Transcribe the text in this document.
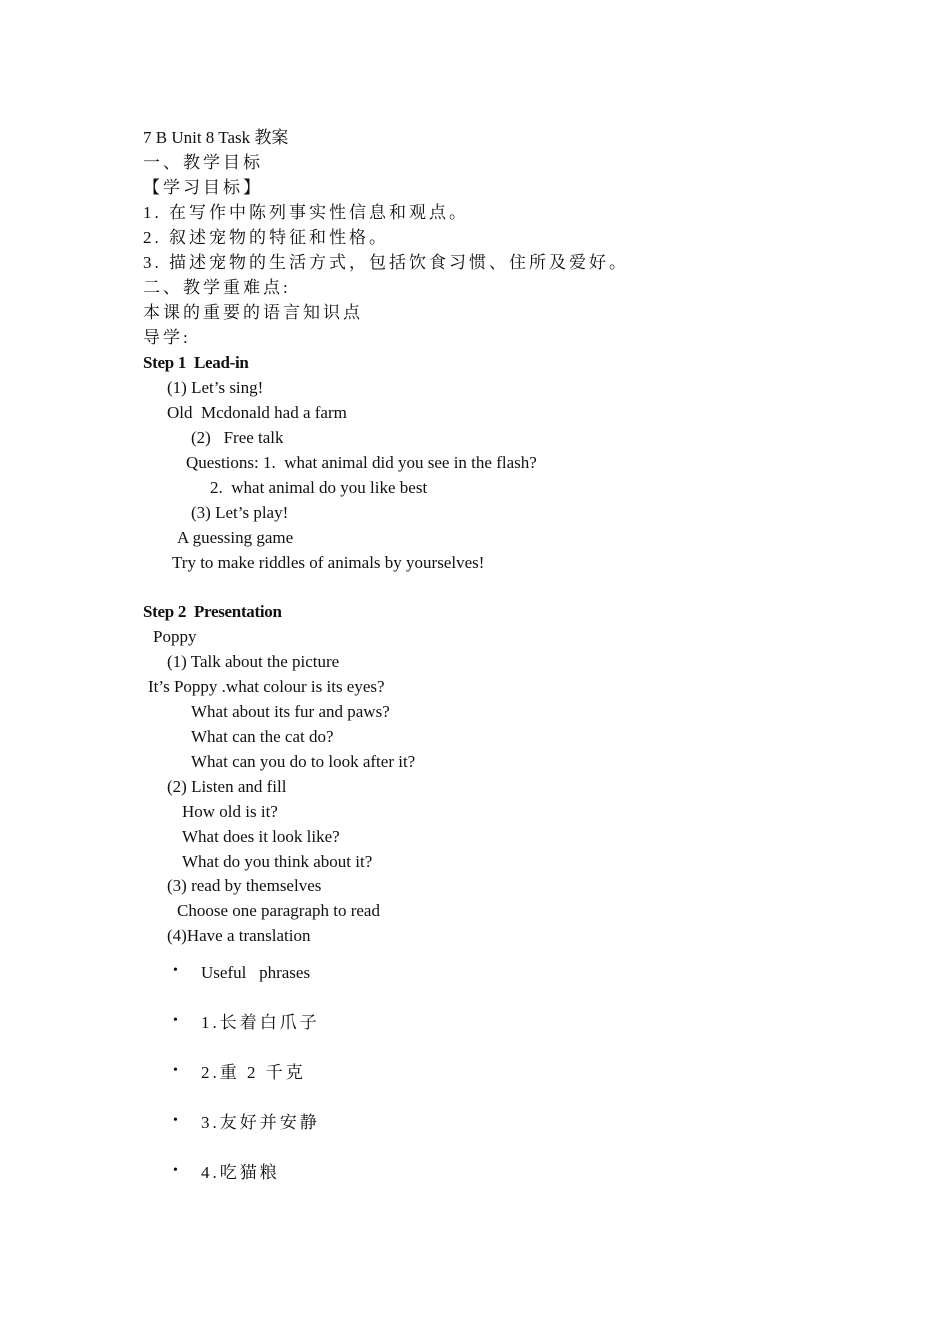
7 B Unit 8 Task 教案
一、教学目标
【学习目标】
1. 在写作中陈列事实性信息和观点。
2. 叙述宠物的特征和性格。
3. 描述宠物的生活方式，包括饮食习惯、住所及爱好。
二、教学重难点:
本课的重要的语言知识点
导学:
Step 1  Lead-in
(1) Let’s sing!
Old  Mcdonald had a farm
(2)   Free talk
Questions: 1.  what animal did you see in the flash?
2.  what animal do you like best
(3) Let’s play!
A guessing game
Try to make riddles of animals by yourselves!
Step 2  Presentation
Poppy
(1) Talk about the picture
It’s Poppy .what colour is its eyes?
What about its fur and paws?
What can the cat do?
What can you do to look after it?
(2) Listen and fill
How old is it?
What does it look like?
What do you think about it?
(3) read by themselves
Choose one paragraph to read
(4)Have a translation
• Useful   phrases
• 1.长着白爪子
• 2.重 2 千克
• 3.友好并安静
• 4.吃猫粮
